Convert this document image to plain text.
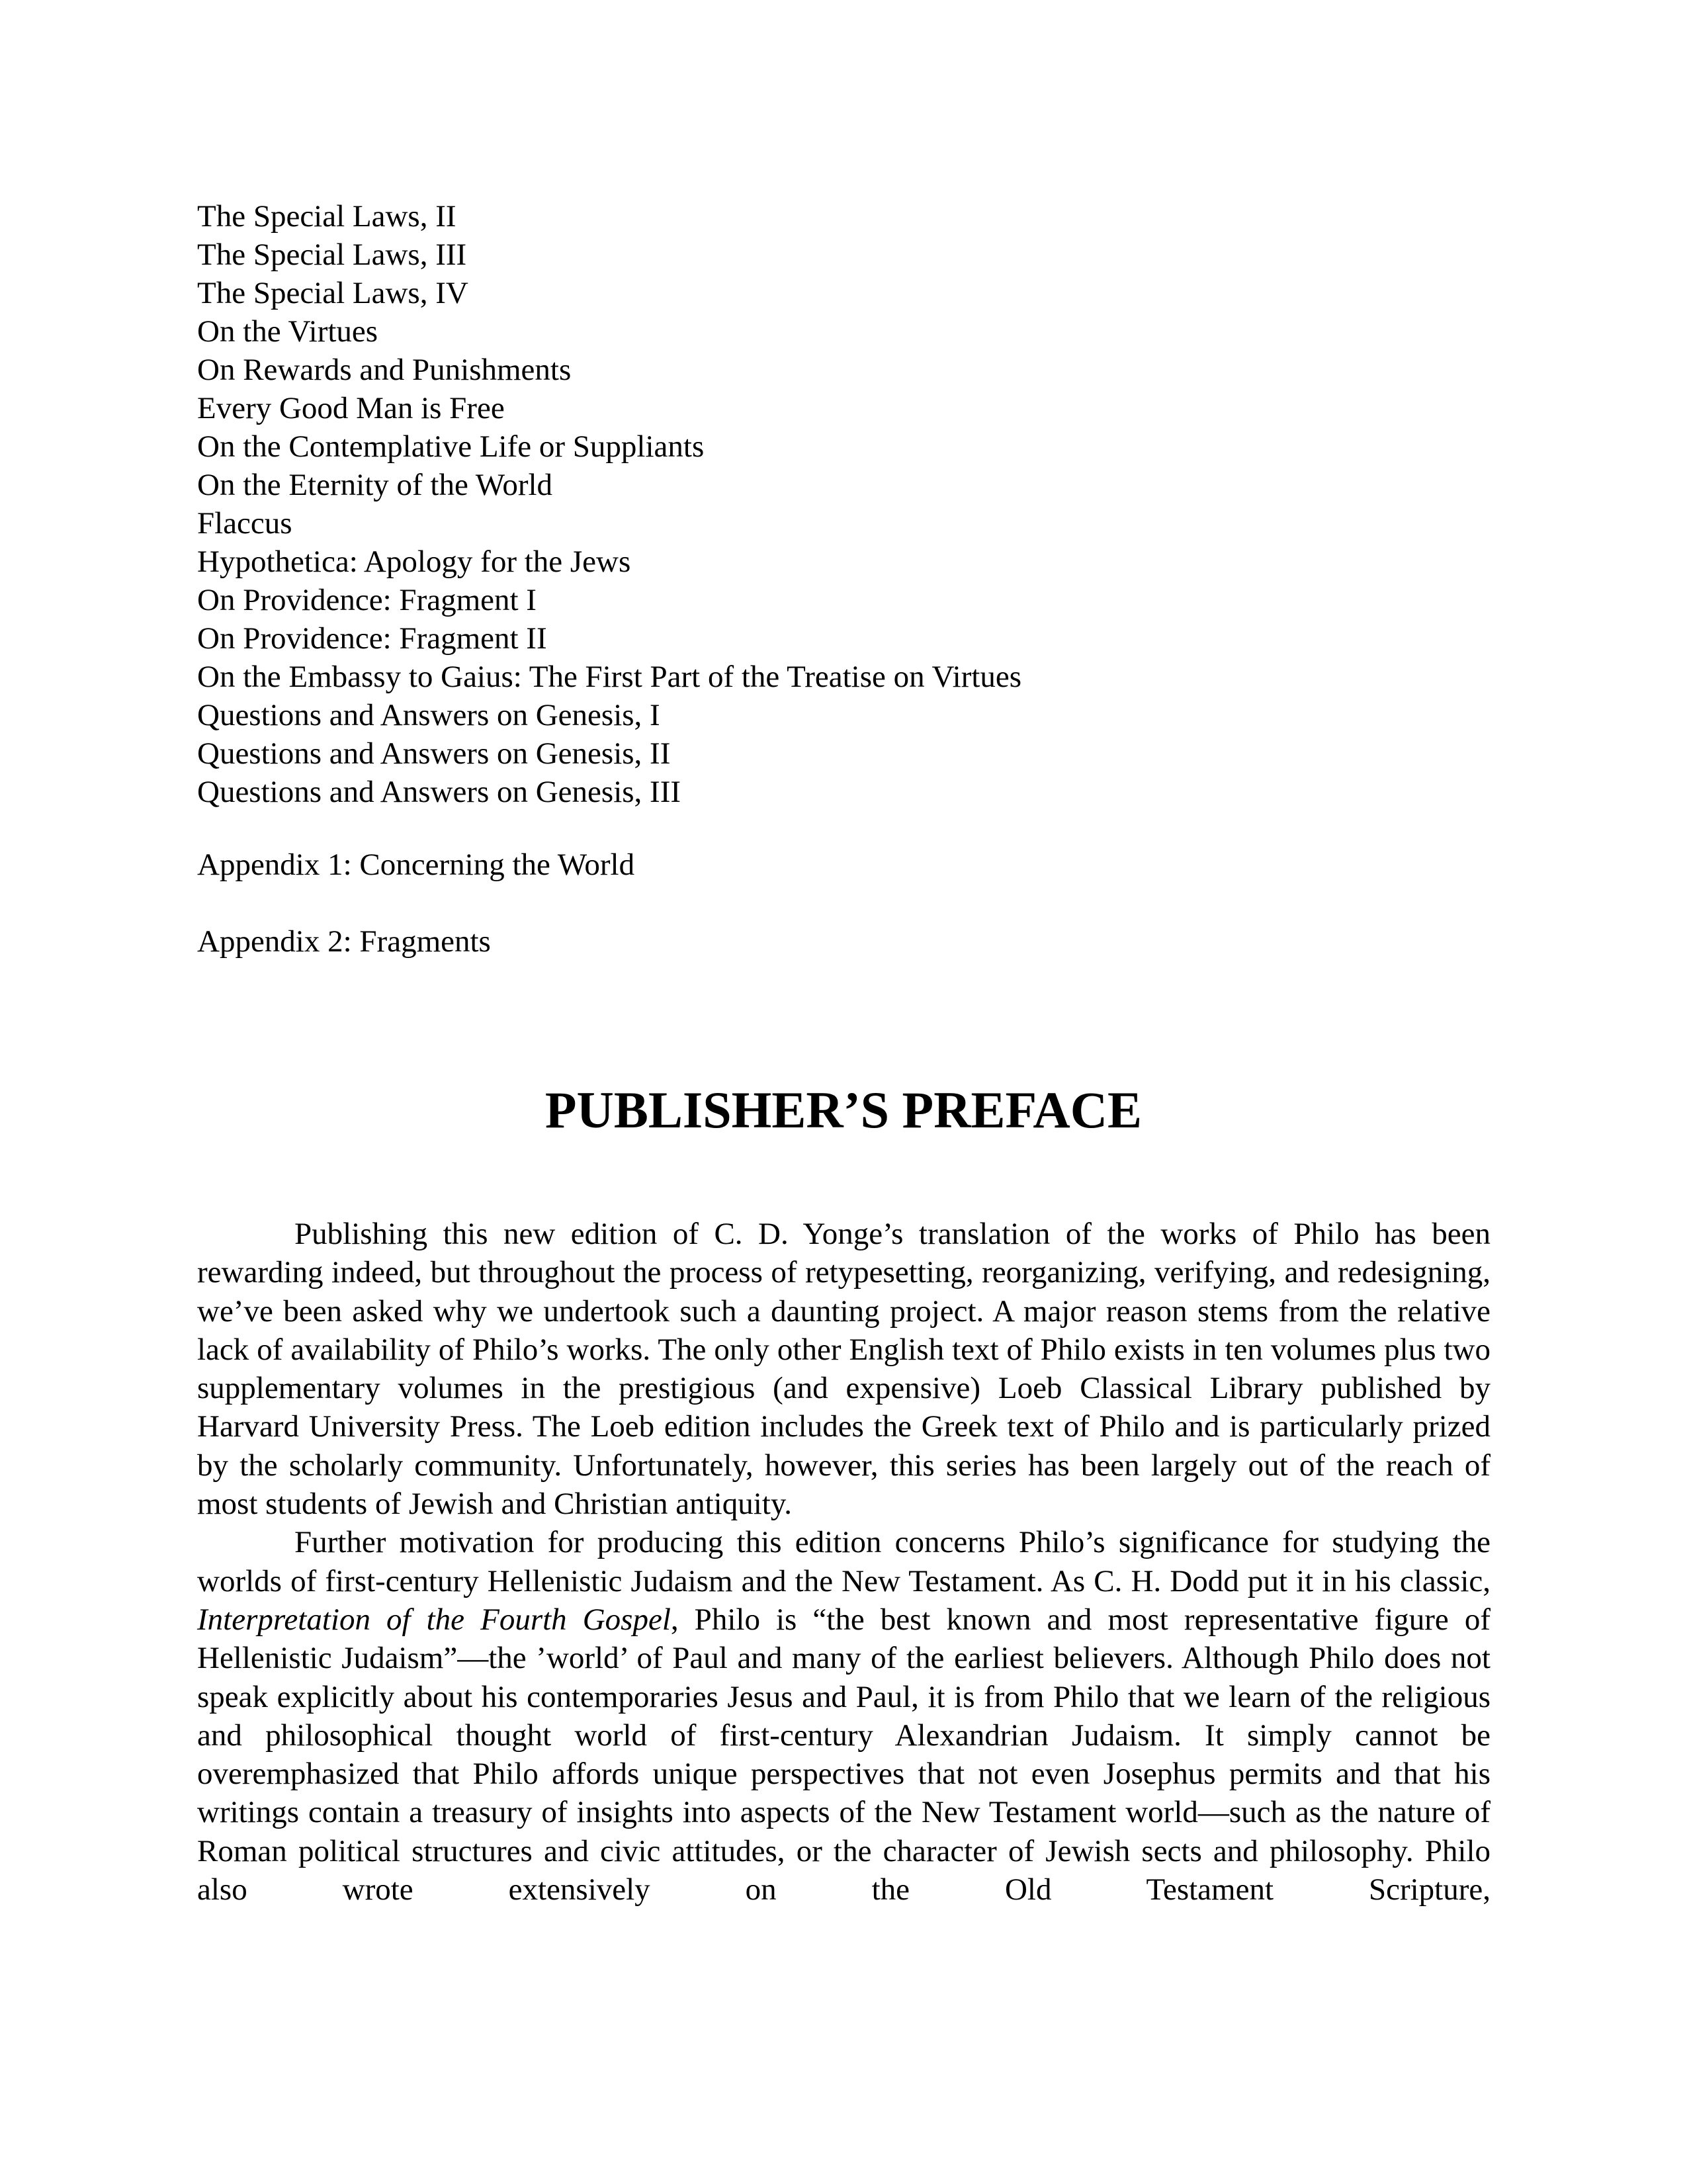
The Special Laws, II
The Special Laws, III
The Special Laws, IV
On the Virtues
On Rewards and Punishments
Every Good Man is Free
On the Contemplative Life or Suppliants
On the Eternity of the World
Flaccus
Hypothetica: Apology for the Jews
On Providence: Fragment I
On Providence: Fragment II
On the Embassy to Gaius: The First Part of the Treatise on Virtues
Questions and Answers on Genesis, I
Questions and Answers on Genesis, II
Questions and Answers on Genesis, III
Appendix 1: Concerning the World
Appendix 2: Fragments
PUBLISHER’S PREFACE

Publishing this new edition of C. D. Yonge’s translation of the works of Philo has been rewarding indeed, but throughout the process of retypesetting, reorganizing, verifying, and redesigning, we’ve been asked why we undertook such a daunting project. A major reason stems from the relative lack of availability of Philo’s works. The only other English text of Philo exists in ten volumes plus two supplementary volumes in the prestigious (and expensive) Loeb Classical Library published by Harvard University Press. The Loeb edition includes the Greek text of Philo and is particularly prized by the scholarly community. Unfortunately, however, this series has been largely out of the reach of most students of Jewish and Christian antiquity.

Further motivation for producing this edition concerns Philo’s significance for studying the worlds of first-century Hellenistic Judaism and the New Testament. As C. H. Dodd put it in his classic, Interpretation of the Fourth Gospel, Philo is “the best known and most representative figure of Hellenistic Judaism”—the ’world’ of Paul and many of the earliest believers. Although Philo does not speak explicitly about his contemporaries Jesus and Paul, it is from Philo that we learn of the religious and philosophical thought world of first-century Alexandrian Judaism. It simply cannot be overemphasized that Philo affords unique perspectives that not even Josephus permits and that his writings contain a treasury of insights into aspects of the New Testament world—such as the nature of Roman political structures and civic attitudes, or the character of Jewish sects and philosophy. Philo also wrote extensively on the Old Testament Scripture,
